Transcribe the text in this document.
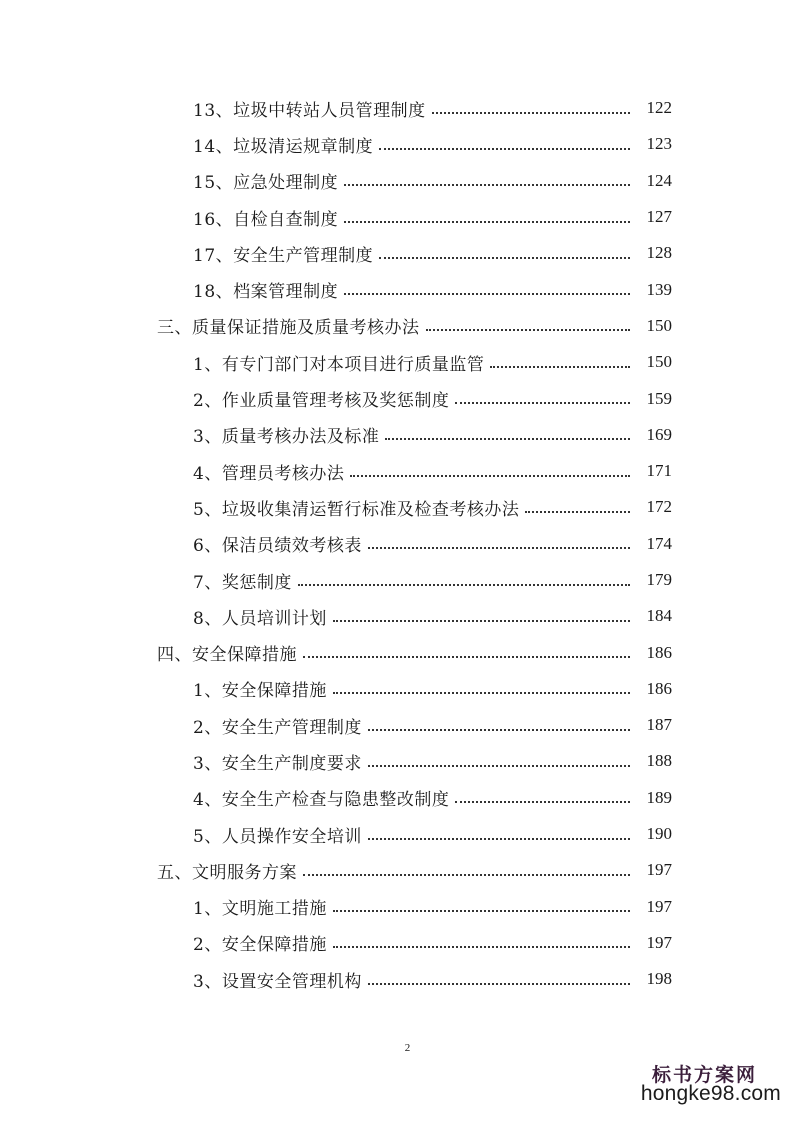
13、垃圾中转站人员管理制度	122
14、垃圾清运规章制度	123
15、应急处理制度	124
16、自检自查制度	127
17、安全生产管理制度	128
18、档案管理制度	139
三、质量保证措施及质量考核办法	150
1、有专门部门对本项目进行质量监管	150
2、作业质量管理考核及奖惩制度	159
3、质量考核办法及标准	169
4、管理员考核办法	171
5、垃圾收集清运暂行标准及检查考核办法	172
6、保洁员绩效考核表	174
7、奖惩制度	179
8、人员培训计划	184
四、安全保障措施	186
1、安全保障措施	186
2、安全生产管理制度	187
3、安全生产制度要求	188
4、安全生产检查与隐患整改制度	189
5、人员操作安全培训	190
五、文明服务方案	197
1、文明施工措施	197
2、安全保障措施	197
3、设置安全管理机构	198
2
标书方案网
hongke98.com
